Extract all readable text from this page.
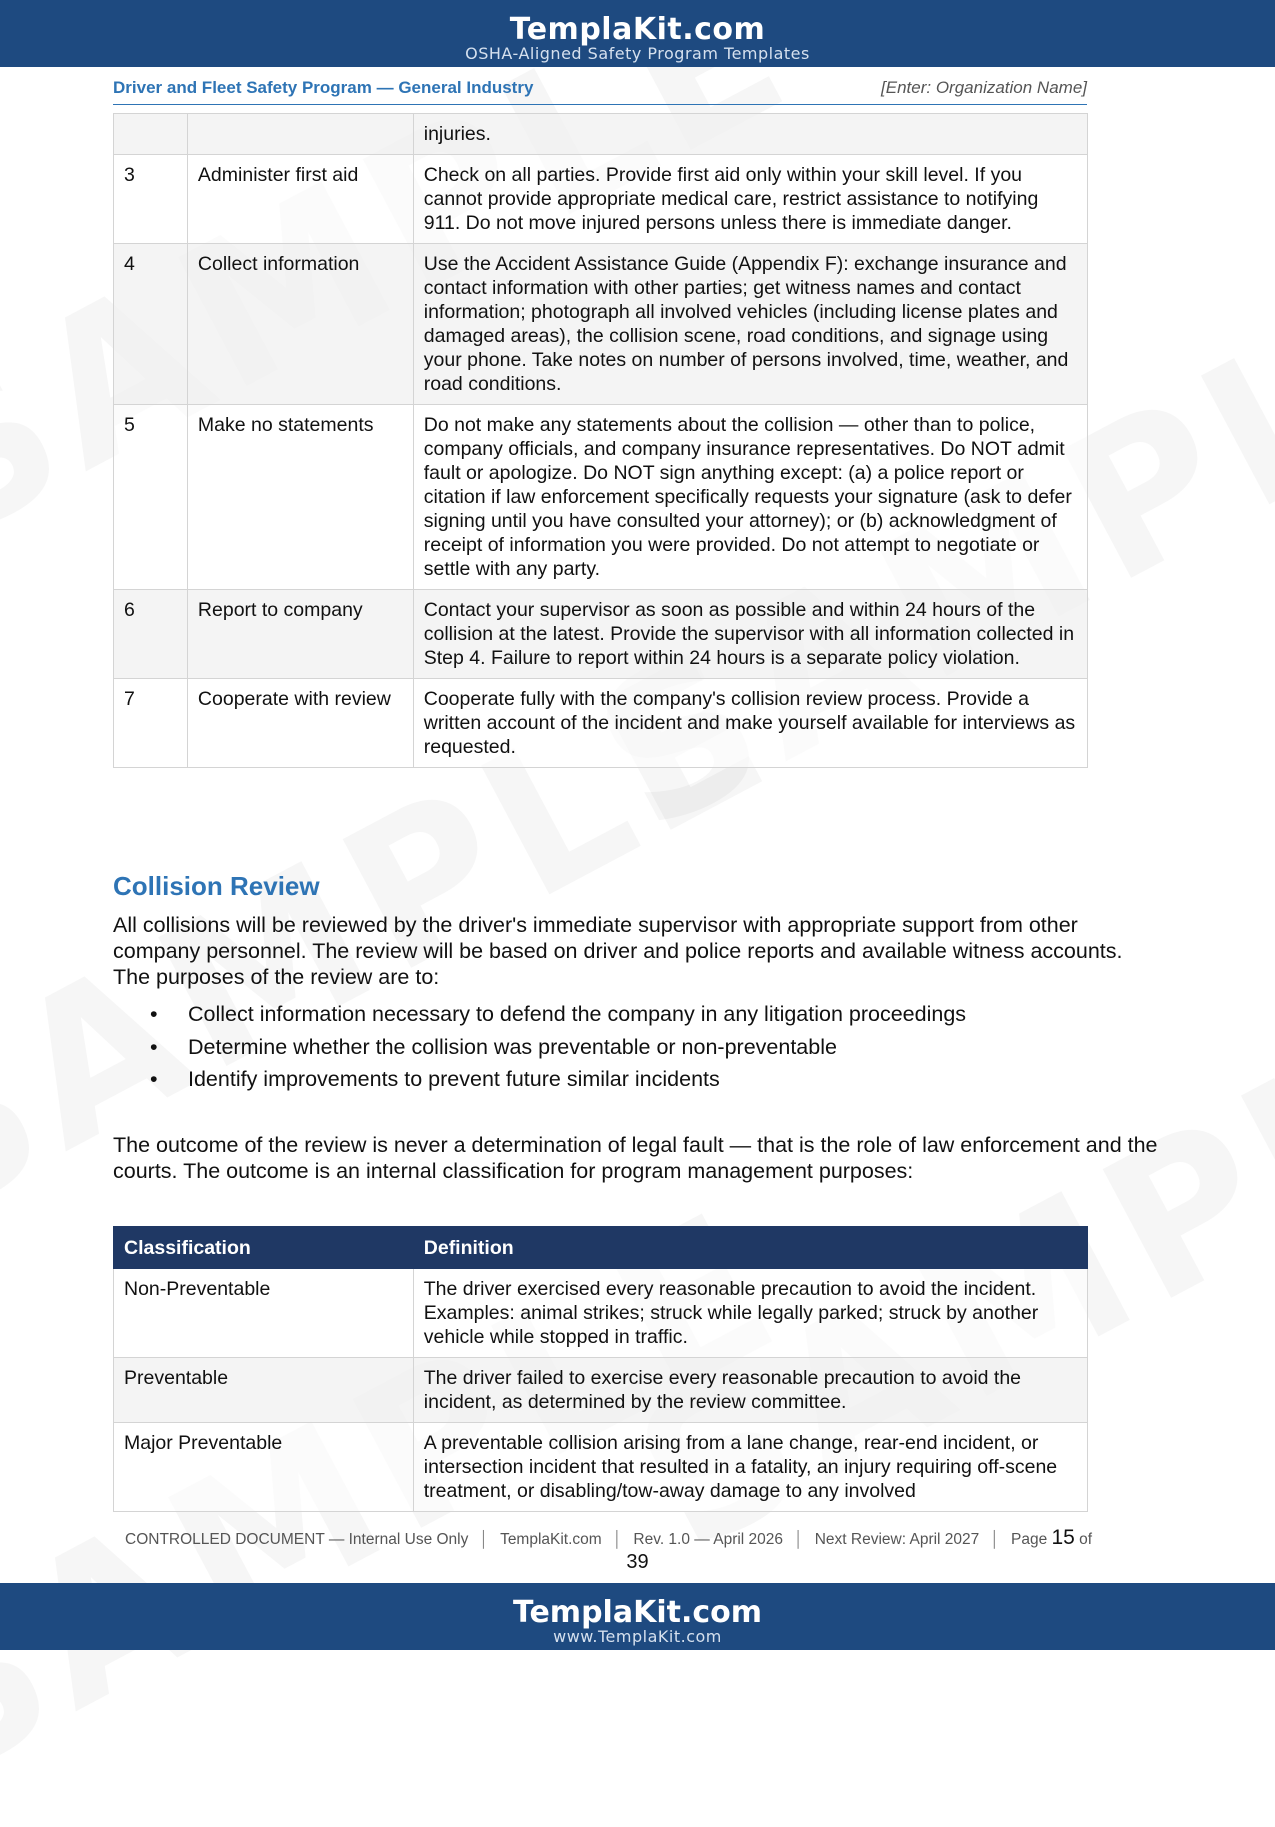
TemplaKit.com
OSHA-Aligned Safety Program Templates
Driver and Fleet Safety Program — General Industry	[Enter: Organization Name]
		injuries.
3	Administer first aid	Check on all parties. Provide first aid only within your skill level. If you cannot provide appropriate medical care, restrict assistance to notifying 911. Do not move injured persons unless there is immediate danger.
4	Collect information	Use the Accident Assistance Guide (Appendix F): exchange insurance and contact information with other parties; get witness names and contact information; photograph all involved vehicles (including license plates and damaged areas), the collision scene, road conditions, and signage using your phone. Take notes on number of persons involved, time, weather, and road conditions.
5	Make no statements	Do not make any statements about the collision — other than to police, company officials, and company insurance representatives. Do NOT admit fault or apologize. Do NOT sign anything except: (a) a police report or citation if law enforcement specifically requests your signature (ask to defer signing until you have consulted your attorney); or (b) acknowledgment of receipt of information you were provided. Do not attempt to negotiate or settle with any party.
6	Report to company	Contact your supervisor as soon as possible and within 24 hours of the collision at the latest. Provide the supervisor with all information collected in Step 4. Failure to report within 24 hours is a separate policy violation.
7	Cooperate with review	Cooperate fully with the company's collision review process. Provide a written account of the incident and make yourself available for interviews as requested.
Collision Review

All collisions will be reviewed by the driver's immediate supervisor with appropriate support from other company personnel. The review will be based on driver and police reports and available witness accounts. The purposes of the review are to:

• Collect information necessary to defend the company in any litigation proceedings
• Determine whether the collision was preventable or non-preventable
• Identify improvements to prevent future similar incidents

The outcome of the review is never a determination of legal fault — that is the role of law enforcement and the courts. The outcome is an internal classification for program management purposes:

Classification	Definition
Non-Preventable	The driver exercised every reasonable precaution to avoid the incident. Examples: animal strikes; struck while legally parked; struck by another vehicle while stopped in traffic.
Preventable	The driver failed to exercise every reasonable precaution to avoid the incident, as determined by the review committee.
Major Preventable	A preventable collision arising from a lane change, rear-end incident, or intersection incident that resulted in a fatality, an injury requiring off-scene treatment, or disabling/tow-away damage to any involved
CONTROLLED DOCUMENT — Internal Use Only │ TemplaKit.com │ Rev. 1.0 — April 2026 │ Next Review: April 2027 │ Page 15 of
39
TemplaKit.com
www.TemplaKit.com
